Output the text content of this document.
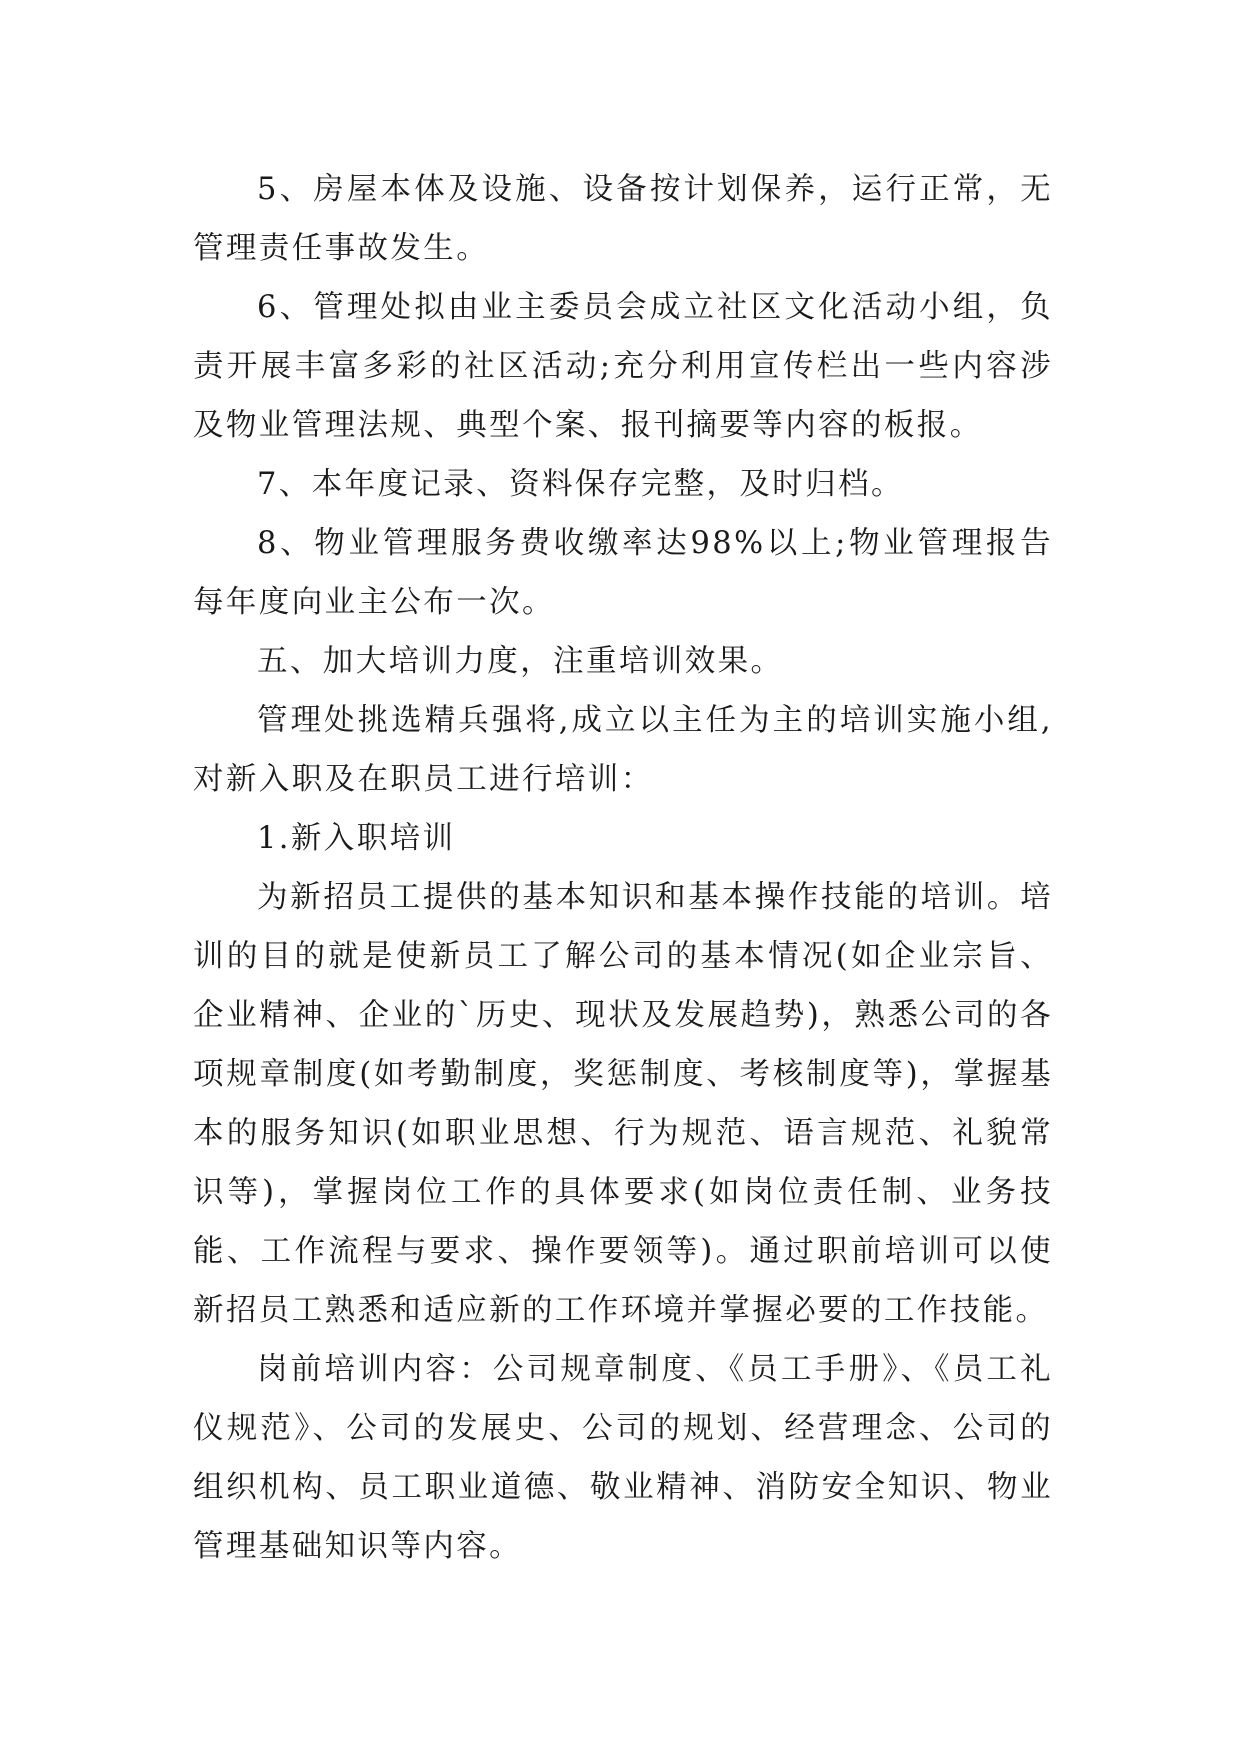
5、房屋本体及设施、设备按计划保养，运行正常，无管理责任事故发生。

6、管理处拟由业主委员会成立社区文化活动小组，负责开展丰富多彩的社区活动;充分利用宣传栏出一些内容涉及物业管理法规、典型个案、报刊摘要等内容的板报。

7、本年度记录、资料保存完整，及时归档。

8、物业管理服务费收缴率达98%以上;物业管理报告每年度向业主公布一次。

五、加大培训力度，注重培训效果。

管理处挑选精兵强将,成立以主任为主的培训实施小组,对新入职及在职员工进行培训：

1.新入职培训

为新招员工提供的基本知识和基本操作技能的培训。培训的目的就是使新员工了解公司的基本情况(如企业宗旨、企业精神、企业的`历史、现状及发展趋势)，熟悉公司的各项规章制度(如考勤制度，奖惩制度、考核制度等)，掌握基本的服务知识(如职业思想、行为规范、语言规范、礼貌常识等)，掌握岗位工作的具体要求(如岗位责任制、业务技能、工作流程与要求、操作要领等)。通过职前培训可以使新招员工熟悉和适应新的工作环境并掌握必要的工作技能。

岗前培训内容：公司规章制度、《员工手册》、《员工礼仪规范》、公司的发展史、公司的规划、经营理念、公司的组织机构、员工职业道德、敬业精神、消防安全知识、物业管理基础知识等内容。
